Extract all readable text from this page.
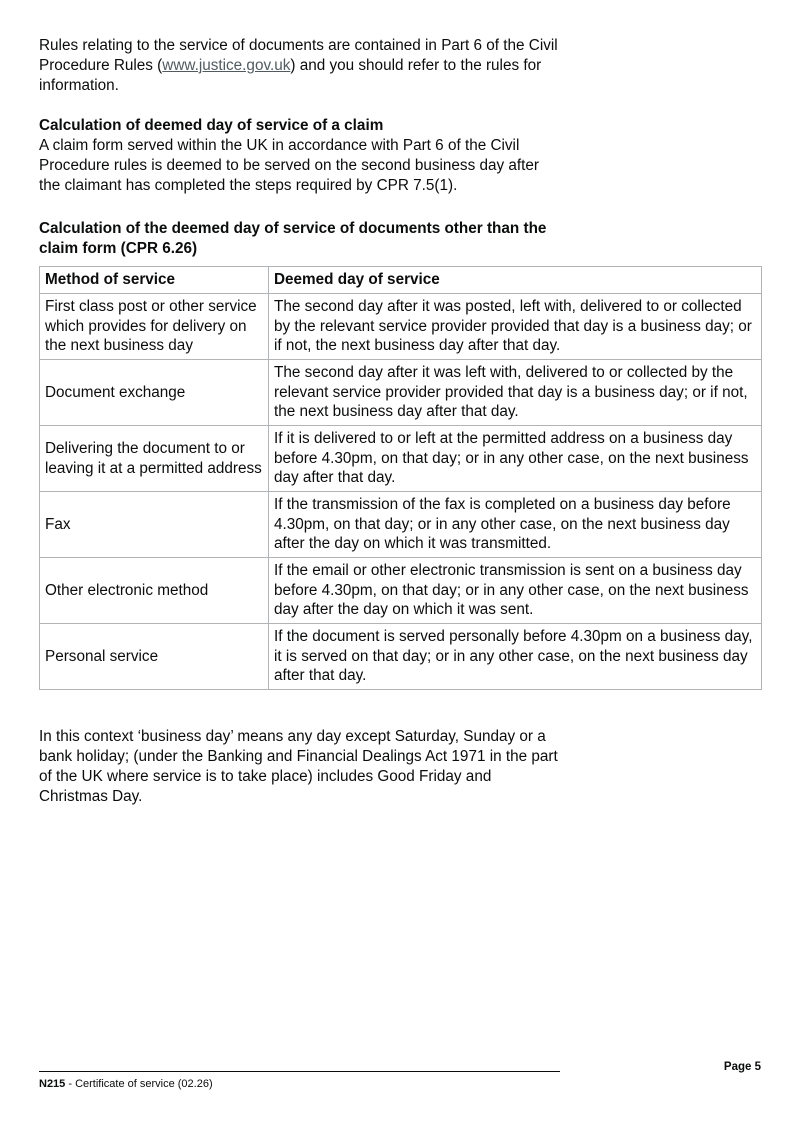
Rules relating to the service of documents are contained in Part 6 of the Civil Procedure Rules (www.justice.gov.uk) and you should refer to the rules for information.

Calculation of deemed day of service of a claim

A claim form served within the UK in accordance with Part 6 of the Civil Procedure rules is deemed to be served on the second business day after the claimant has completed the steps required by CPR 7.5(1).

Calculation of the deemed day of service of documents other than the claim form (CPR 6.26)

Method of service	Deemed day of service
First class post or other service which provides for delivery on the next business day	The second day after it was posted, left with, delivered to or collected by the relevant service provider provided that day is a business day; or if not, the next business day after that day.
Document exchange	The second day after it was left with, delivered to or collected by the relevant service provider provided that day is a business day; or if not, the next business day after that day.
Delivering the document to or leaving it at a permitted address	If it is delivered to or left at the permitted address on a business day before 4.30pm, on that day; or in any other case, on the next business day after that day.
Fax	If the transmission of the fax is completed on a business day before 4.30pm, on that day; or in any other case, on the next business day after the day on which it was transmitted.
Other electronic method	If the email or other electronic transmission is sent on a business day before 4.30pm, on that day; or in any other case, on the next business day after the day on which it was sent.
Personal service	If the document is served personally before 4.30pm on a business day, it is served on that day; or in any other case, on the next business day after that day.

In this context ‘business day’ means any day except Saturday, Sunday or a bank holiday; (under the Banking and Financial Dealings Act 1971 in the part of the UK where service is to take place) includes Good Friday and Christmas Day.

Page 5
N215 - Certificate of service (02.26)
